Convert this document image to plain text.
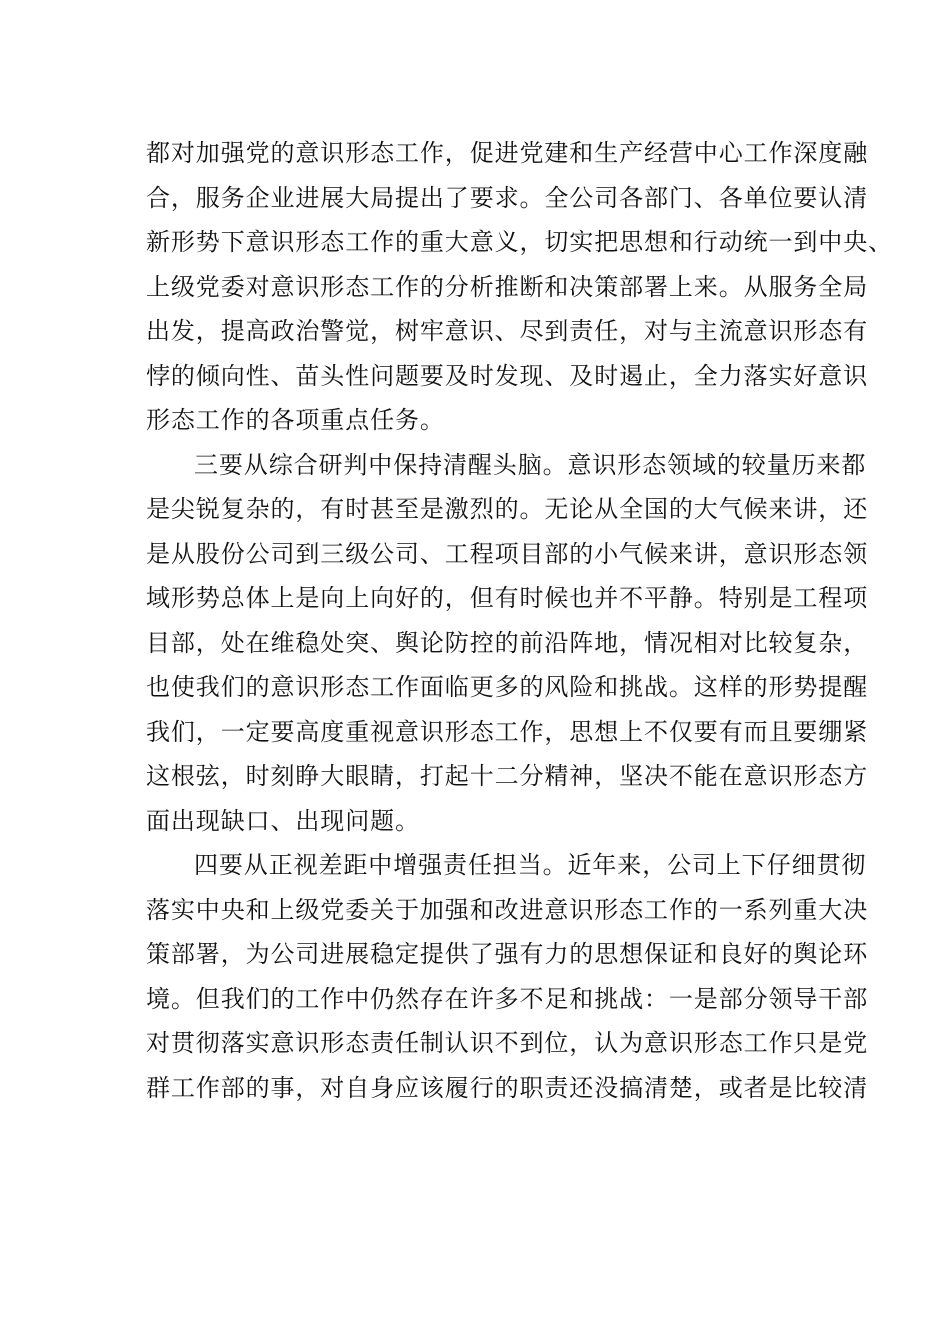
都对加强党的意识形态工作，促进党建和生产经营中心工作深度融
合，服务企业进展大局提出了要求。全公司各部门、各单位要认清
新形势下意识形态工作的重大意义，切实把思想和行动统一到中央、
上级党委对意识形态工作的分析推断和决策部署上来。从服务全局
出发，提高政治警觉，树牢意识、尽到责任，对与主流意识形态有
悖的倾向性、苗头性问题要及时发现、及时遏止，全力落实好意识
形态工作的各项重点任务。
三要从综合研判中保持清醒头脑。意识形态领域的较量历来都
是尖锐复杂的，有时甚至是激烈的。无论从全国的大气候来讲，还
是从股份公司到三级公司、工程项目部的小气候来讲，意识形态领
域形势总体上是向上向好的，但有时候也并不平静。特别是工程项
目部，处在维稳处突、舆论防控的前沿阵地，情况相对比较复杂，
也使我们的意识形态工作面临更多的风险和挑战。这样的形势提醒
我们，一定要高度重视意识形态工作，思想上不仅要有而且要绷紧
这根弦，时刻睁大眼睛，打起十二分精神，坚决不能在意识形态方
面出现缺口、出现问题。
四要从正视差距中增强责任担当。近年来，公司上下仔细贯彻
落实中央和上级党委关于加强和改进意识形态工作的一系列重大决
策部署，为公司进展稳定提供了强有力的思想保证和良好的舆论环
境。但我们的工作中仍然存在许多不足和挑战：一是部分领导干部
对贯彻落实意识形态责任制认识不到位，认为意识形态工作只是党
群工作部的事，对自身应该履行的职责还没搞清楚，或者是比较清
